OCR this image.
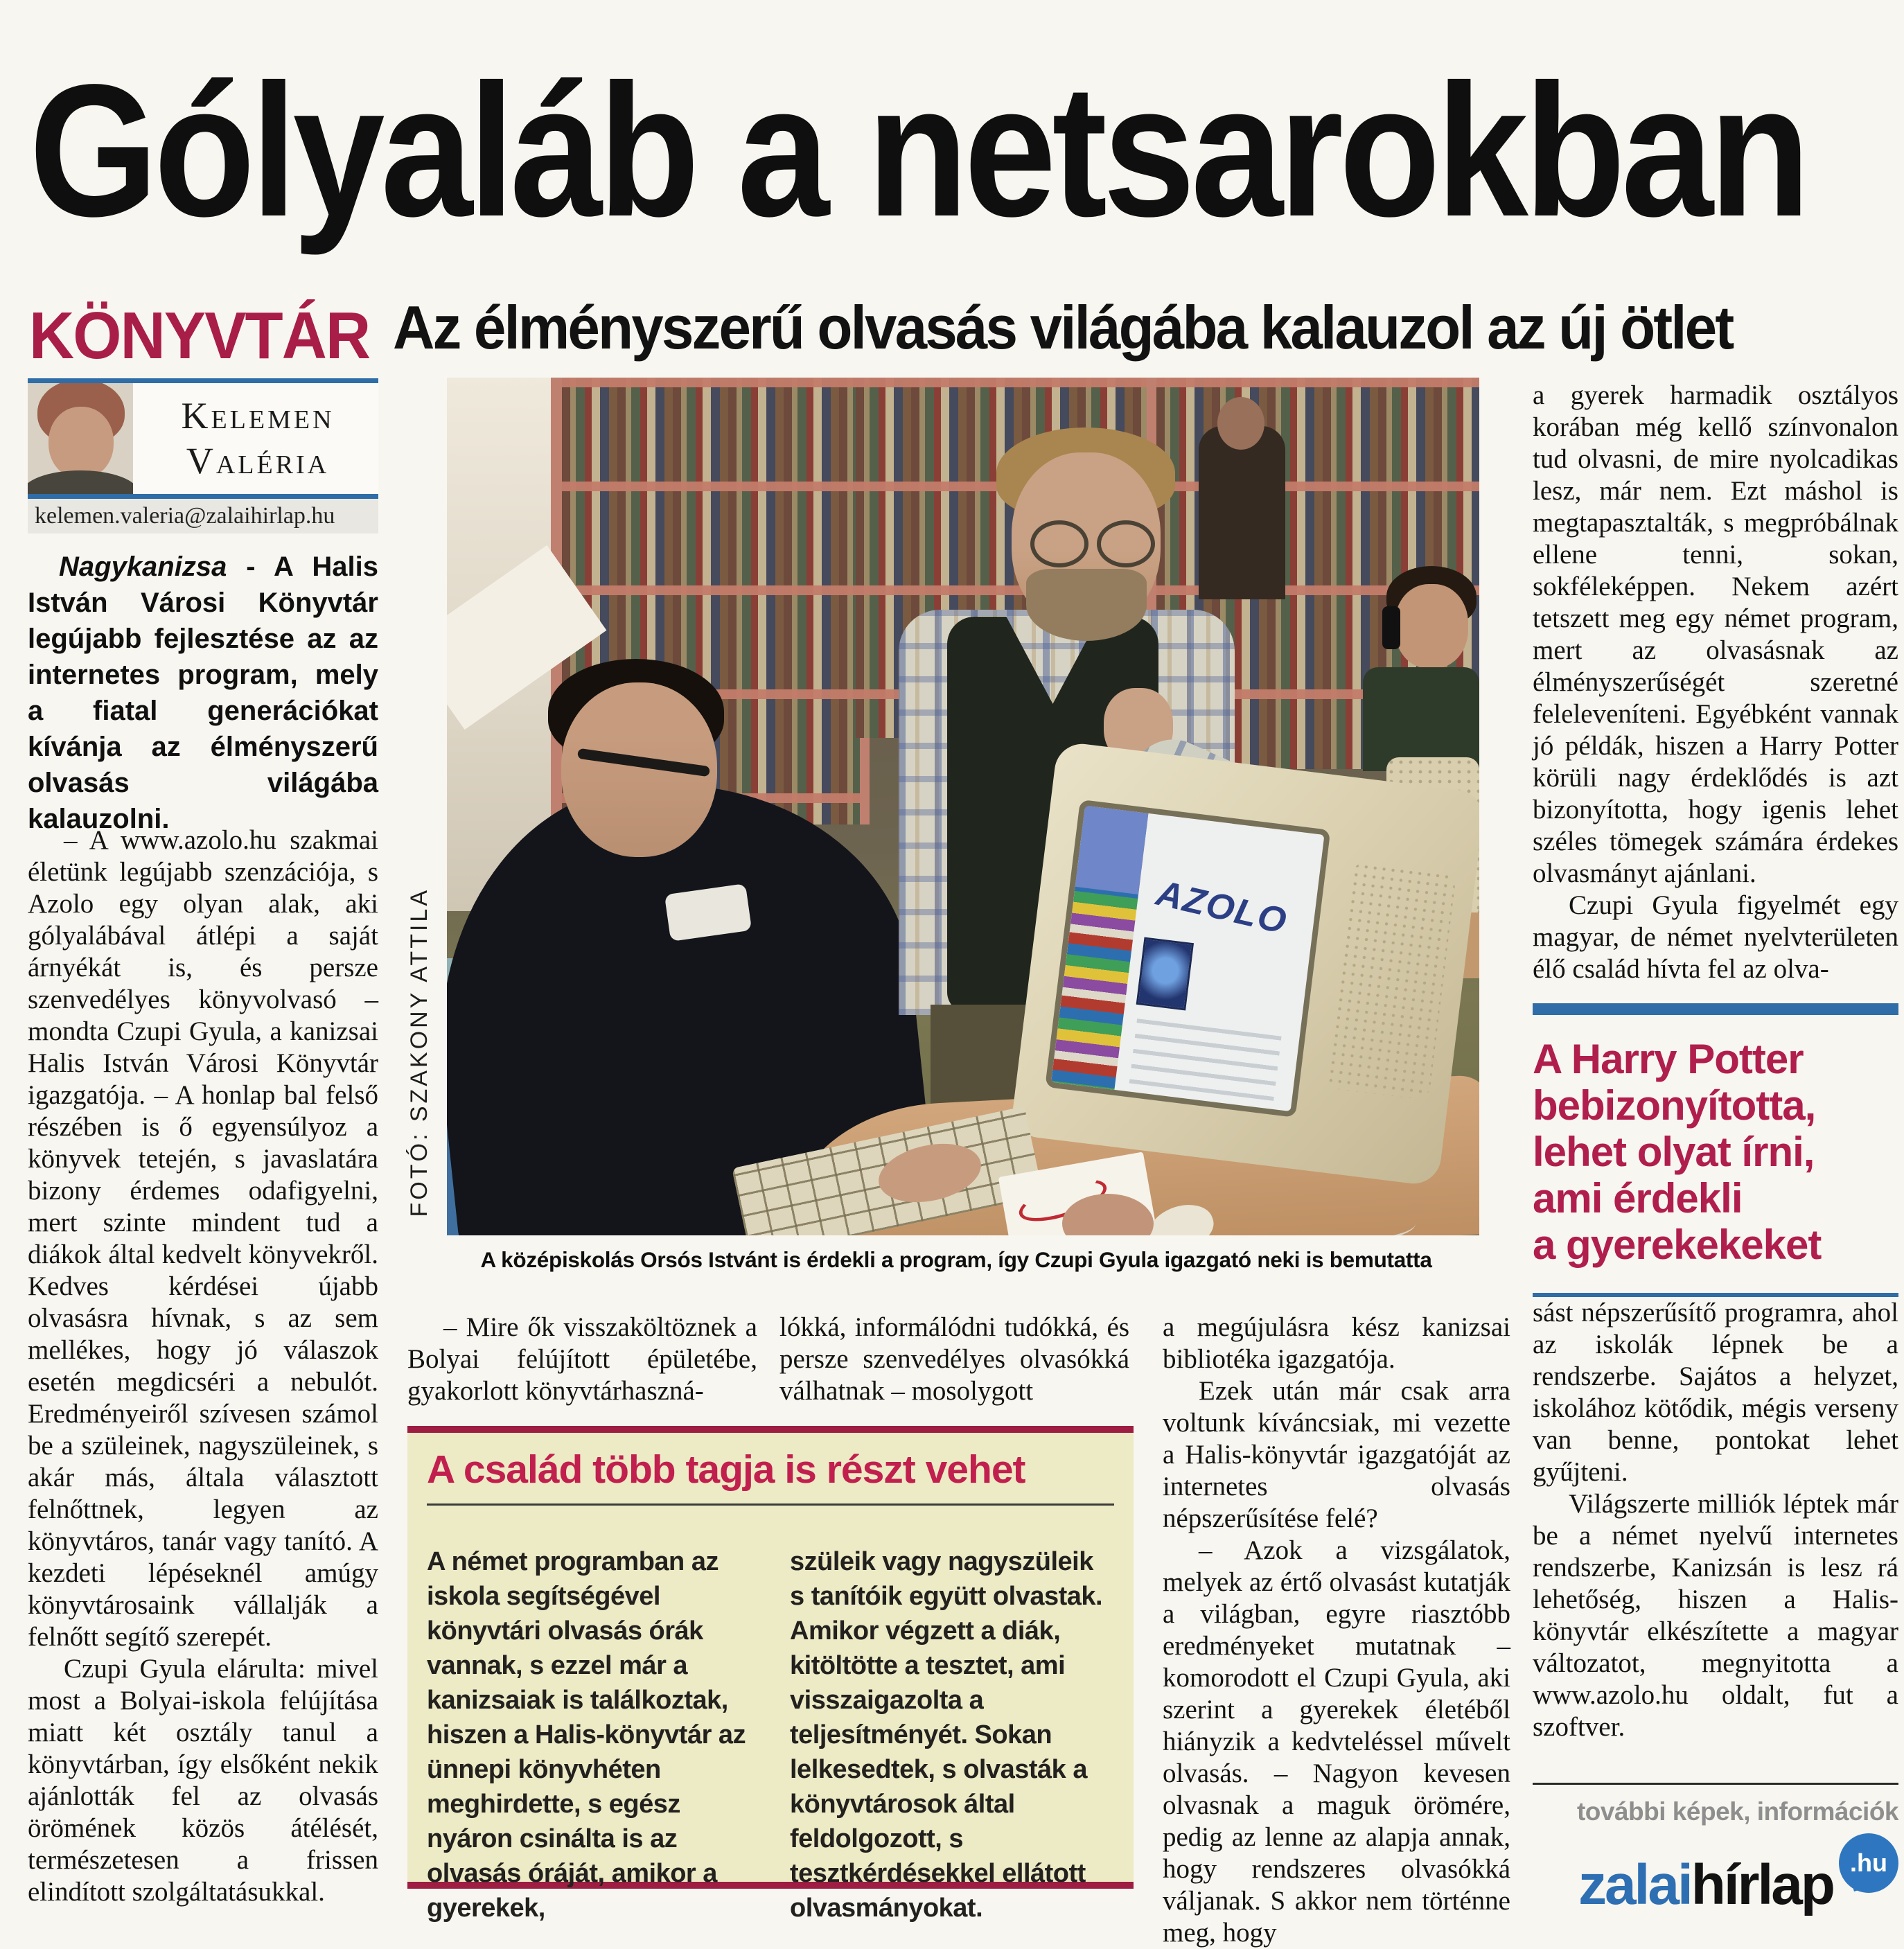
Gólyaláb a netsarokban
KÖNYVTÁR Az élményszerű olvasás világába kalauzol az új ötlet
Kelemen
Valéria
kelemen.valeria@zalaihirlap.hu
Nagykanizsa - A Halis István Városi Könyvtár legújabb fejlesztése az az internetes program, mely a fiatal generációkat kívánja az élményszerű olvasás világába kalauzolni.

– A www.azolo.hu szakmai életünk legújabb szenzációja, s Azolo egy olyan alak, aki gólyalábával átlépi a saját árnyékát is, és persze szenvedélyes könyvolvasó – mondta Czupi Gyula, a kanizsai Halis István Városi Könyvtár igazgatója. – A honlap bal felső részében is ő egyensúlyoz a könyvek tetején, s javaslatára bizony érdemes odafigyelni, mert szinte mindent tud a diákok által kedvelt könyvekről. Kedves kérdései újabb olvasásra hívnak, s az sem mellékes, hogy jó válaszok esetén megdicséri a nebulót. Eredményeiről szívesen számol be a szüleinek, nagyszüleinek, s akár más, általa választott felnőttnek, legyen az könyvtáros, tanár vagy tanító. A kezdeti lépéseknél amúgy könyvtárosaink vállalják a felnőtt segítő szerepét.

Czupi Gyula elárulta: mivel most a Bolyai-iskola felújítása miatt két osztály tanul a könyvtárban, így elsőként nekik ajánlották fel az olvasás örömének közös átélését, természetesen a frissen elindított szolgáltatásukkal.

FOTÓ: SZAKONY ATTILA	AZOLO
A középiskolás Orsós Istvánt is érdekli a program, így Czupi Gyula igazgató neki is bemutatta

– Mire ők visszaköltöznek a Bolyai felújított épületébe, gyakorlott könyvtárhaszná-

lókká, informálódni tudókká, és persze szenvedélyes olvasókká válhatnak – mosolygott

a megújulásra kész kanizsai bibliotéka igazgatója.

Ezek után már csak arra voltunk kíváncsiak, mi vezette a Halis-könyvtár igazgatóját az internetes olvasás népszerűsítése felé?

– Azok a vizsgálatok, melyek az értő olvasást kutatják a világban, egyre riasztóbb eredményeket mutatnak – komorodott el Czupi Gyula, aki szerint a gyerekek életéből hiányzik a kedvteléssel művelt olvasás. – Nagyon kevesen olvasnak a maguk örömére, pedig az lenne az alapja annak, hogy rendszeres olvasókká váljanak. S akkor nem történne meg, hogy

A család több tagja is részt vehet
A német programban az iskola segítségével könyvtári olvasás órák vannak, s ezzel már a kanizsaiak is találkoztak, hiszen a Halis-könyvtár az ünnepi könyvhéten meghirdette, s egész nyáron csinálta is az olvasás óráját, amikor a gyerekek,
szüleik vagy nagyszüleik s tanítóik együtt olvastak. Amikor végzett a diák, kitöltötte a tesztet, ami visszaigazolta a teljesítményét. Sokan lelkesedtek, s olvasták a könyvtárosok által feldolgozott, s tesztkérdésekkel ellátott olvasmányokat.

a gyerek harmadik osztályos korában még kellő színvonalon tud olvasni, de mire nyolcadikas lesz, már nem. Ezt máshol is megtapasztalták, s megpróbálnak ellene tenni, sokan, sokféleképpen. Nekem azért tetszett meg egy német program, mert az olvasásnak az élményszerűségét szeretné feleleveníteni. Egyébként vannak jó példák, hiszen a Harry Potter körüli nagy érdeklődés is azt bizonyította, hogy igenis lehet széles tömegek számára érdekes olvasmányt ajánlani.

Czupi Gyula figyelmét egy magyar, de német nyelvterületen élő család hívta fel az olva-

A Harry Potter
bebizonyította,
lehet olyat írni,
ami érdekli
a gyerekekeket

sást népszerűsítő programra, ahol az iskolák lépnek be a rendszerbe. Sajátos a helyzet, iskolához kötődik, mégis verseny van benne, pontokat lehet gyűjteni.

Világszerte milliók léptek már be a német nyelvű internetes rendszerbe, Kanizsán is lesz rá lehetőség, hiszen a Halis-könyvtár elkészítette a magyar változatot, megnyitotta a www.azolo.hu oldalt, fut a szoftver.

további képek, információk
zalai hírlap .hu
